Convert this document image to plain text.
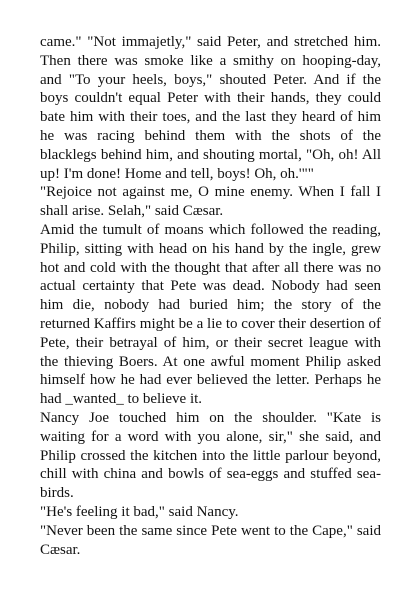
came." "Not immajetly," said Peter, and stretched him. Then there was smoke like a smithy on hooping-day, and "To your heels, boys," shouted Peter. And if the boys couldn't equal Peter with their hands, they could bate him with their toes, and the last they heard of him he was racing behind them with the shots of the blacklegs behind him, and shouting mortal, "Oh, oh! All up! I'm done! Home and tell, boys! Oh, oh.'""

"Rejoice not against me, O mine enemy. When I fall I shall arise. Selah," said Cæsar.

Amid the tumult of moans which followed the reading, Philip, sitting with head on his hand by the ingle, grew hot and cold with the thought that after all there was no actual certainty that Pete was dead. Nobody had seen him die, nobody had buried him; the story of the returned Kaffirs might be a lie to cover their desertion of Pete, their betrayal of him, or their secret league with the thieving Boers. At one awful moment Philip asked himself how he had ever believed the letter. Perhaps he had _wanted_ to believe it.

Nancy Joe touched him on the shoulder. "Kate is waiting for a word with you alone, sir," she said, and Philip crossed the kitchen into the little parlour beyond, chill with china and bowls of sea-eggs and stuffed sea-birds.

"He's feeling it bad," said Nancy.

"Never been the same since Pete went to the Cape," said Cæsar.
